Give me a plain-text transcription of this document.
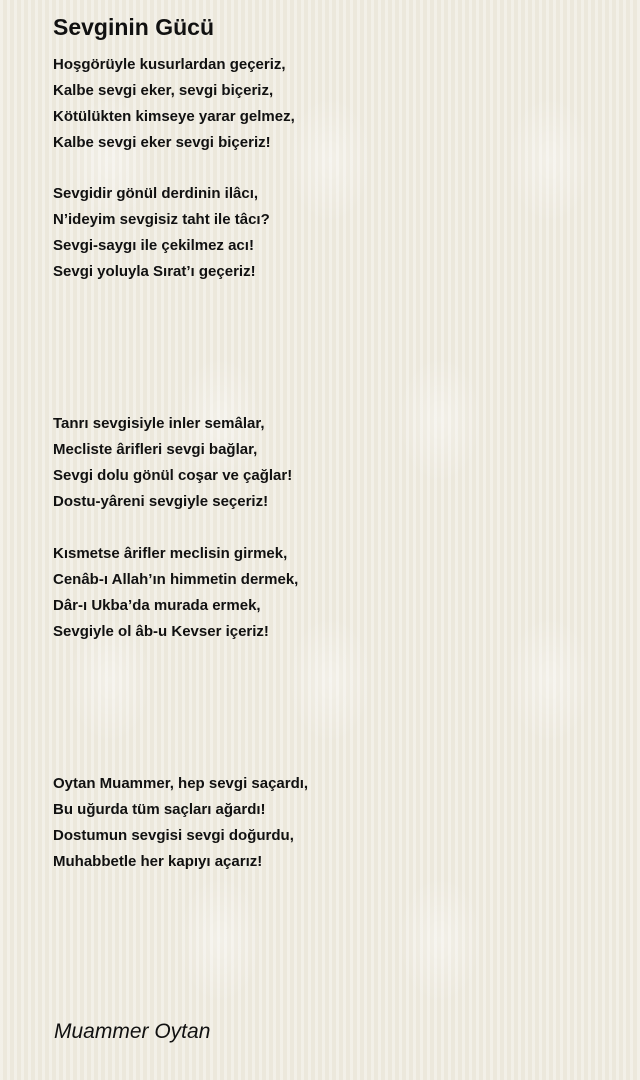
Sevginin Gücü
Hoşgörüyle kusurlardan geçeriz,
Kalbe sevgi eker, sevgi biçeriz,
Kötülükten kimseye yarar gelmez,
Kalbe sevgi eker sevgi biçeriz!
Sevgidir gönül derdinin ilâcı,
N’ideyim sevgisiz taht ile tâcı?
Sevgi-saygı ile çekilmez acı!
Sevgi yoluyla Sırat’ı geçeriz!
Tanrı sevgisiyle inler semâlar,
Mecliste ârifleri sevgi bağlar,
Sevgi dolu gönül coşar ve çağlar!
Dostu-yâreni sevgiyle seçeriz!
Kısmetse ârifler meclisin girmek,
Cenâb-ı Allah’ın himmetin dermek,
Dâr-ı Ukba’da murada ermek,
Sevgiyle ol âb-u Kevser içeriz!
Oytan Muammer, hep sevgi saçardı,
Bu uğurda tüm saçları ağardı!
Dostumun sevgisi sevgi doğurdu,
Muhabbetle her kapıyı açarız!

Muammer Oytan
